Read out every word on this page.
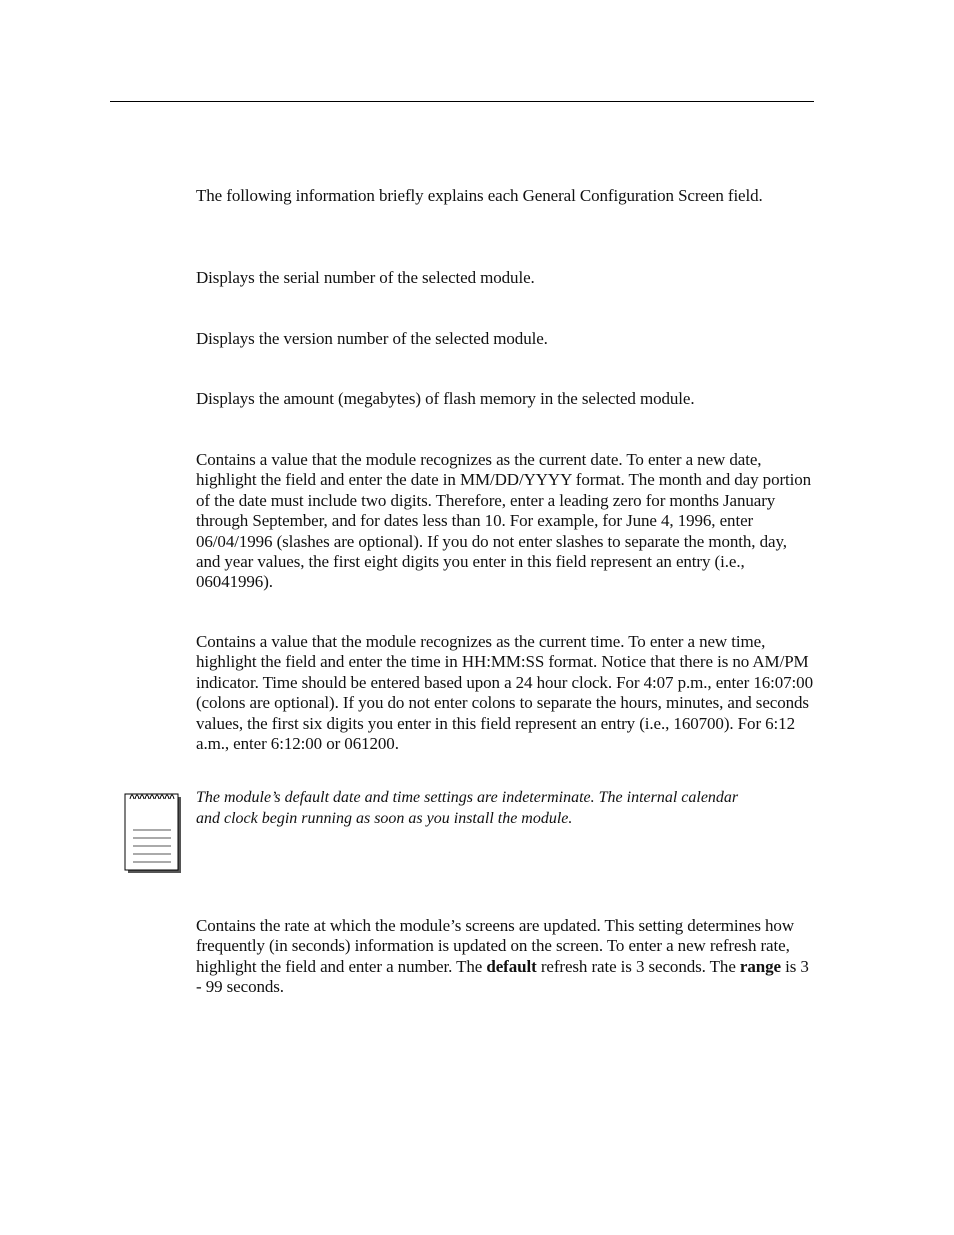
The following information briefly explains each General Configuration Screen field.

Displays the serial number of the selected module.

Displays the version number of the selected module.

Displays the amount (megabytes) of flash memory in the selected module.

Contains a value that the module recognizes as the current date. To enter a new date, highlight the field and enter the date in MM/DD/YYYY format. The month and day portion of the date must include two digits. Therefore, enter a leading zero for months January through September, and for dates less than 10. For example, for June 4, 1996, enter 06/04/1996 (slashes are optional). If you do not enter slashes to separate the month, day, and year values, the first eight digits you enter in this field represent an entry (i.e., 06041996).

Contains a value that the module recognizes as the current time. To enter a new time, highlight the field and enter the time in HH:MM:SS format. Notice that there is no AM/PM indicator. Time should be entered based upon a 24 hour clock. For 4:07 p.m., enter 16:07:00 (colons are optional). If you do not enter colons to separate the hours, minutes, and seconds values, the first six digits you enter in this field represent an entry (i.e., 160700). For 6:12 a.m., enter 6:12:00 or 061200.

The module’s default date and time settings are indeterminate. The internal calendar and clock begin running as soon as you install the module.

Contains the rate at which the module’s screens are updated. This setting determines how frequently (in seconds) information is updated on the screen. To enter a new refresh rate, highlight the field and enter a number. The default refresh rate is 3 seconds. The range is 3 - 99 seconds.
